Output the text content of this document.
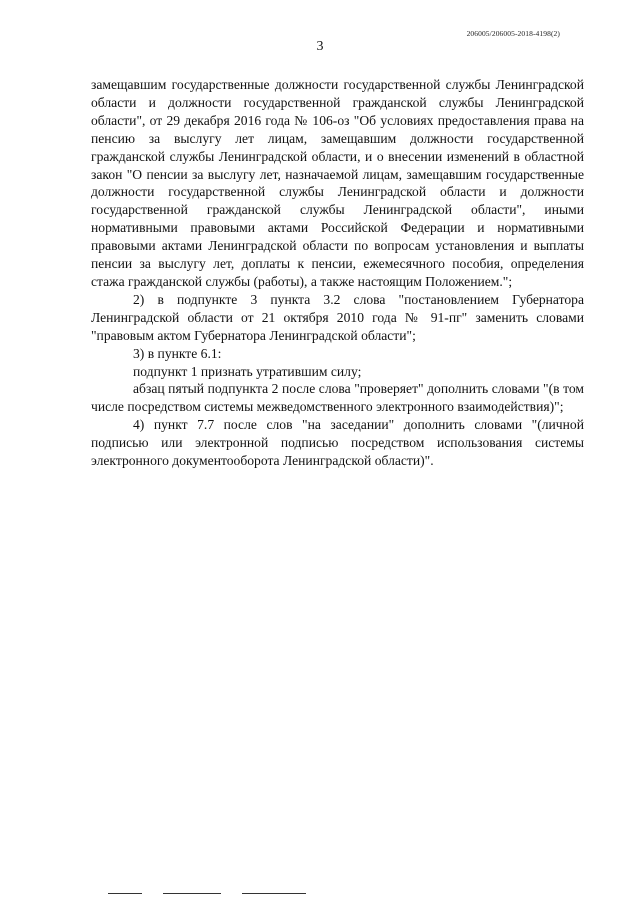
206005/206005-2018-4198(2)
3

замещавшим государственные должности государственной службы Ленинградской области и должности государственной гражданской службы Ленинградской области", от 29 декабря 2016 года № 106-оз "Об условиях предоставления права на пенсию за выслугу лет лицам, замещавшим должности государственной гражданской службы Ленинградской области, и о внесении изменений в областной закон "О пенсии за выслугу лет, назначаемой лицам, замещавшим государственные должности государственной службы Ленинградской области и должности государственной гражданской службы Ленинградской области", иными нормативными правовыми актами Российской Федерации и нормативными правовыми актами Ленинградской области по вопросам установления и выплаты пенсии за выслугу лет, доплаты к пенсии, ежемесячного пособия, определения стажа гражданской службы (работы), а также настоящим Положением.";

2) в подпункте 3 пункта 3.2 слова "постановлением Губернатора Ленинградской области от 21 октября 2010 года № 91-пг" заменить словами "правовым актом Губернатора Ленинградской области";

3) в пункте 6.1:

подпункт 1 признать утратившим силу;

абзац пятый подпункта 2 после слова "проверяет" дополнить словами "(в том числе посредством системы межведомственного электронного взаимодействия)";

4) пункт 7.7 после слов "на заседании" дополнить словами "(личной подписью или электронной подписью посредством использования системы электронного документооборота Ленинградской области)".
